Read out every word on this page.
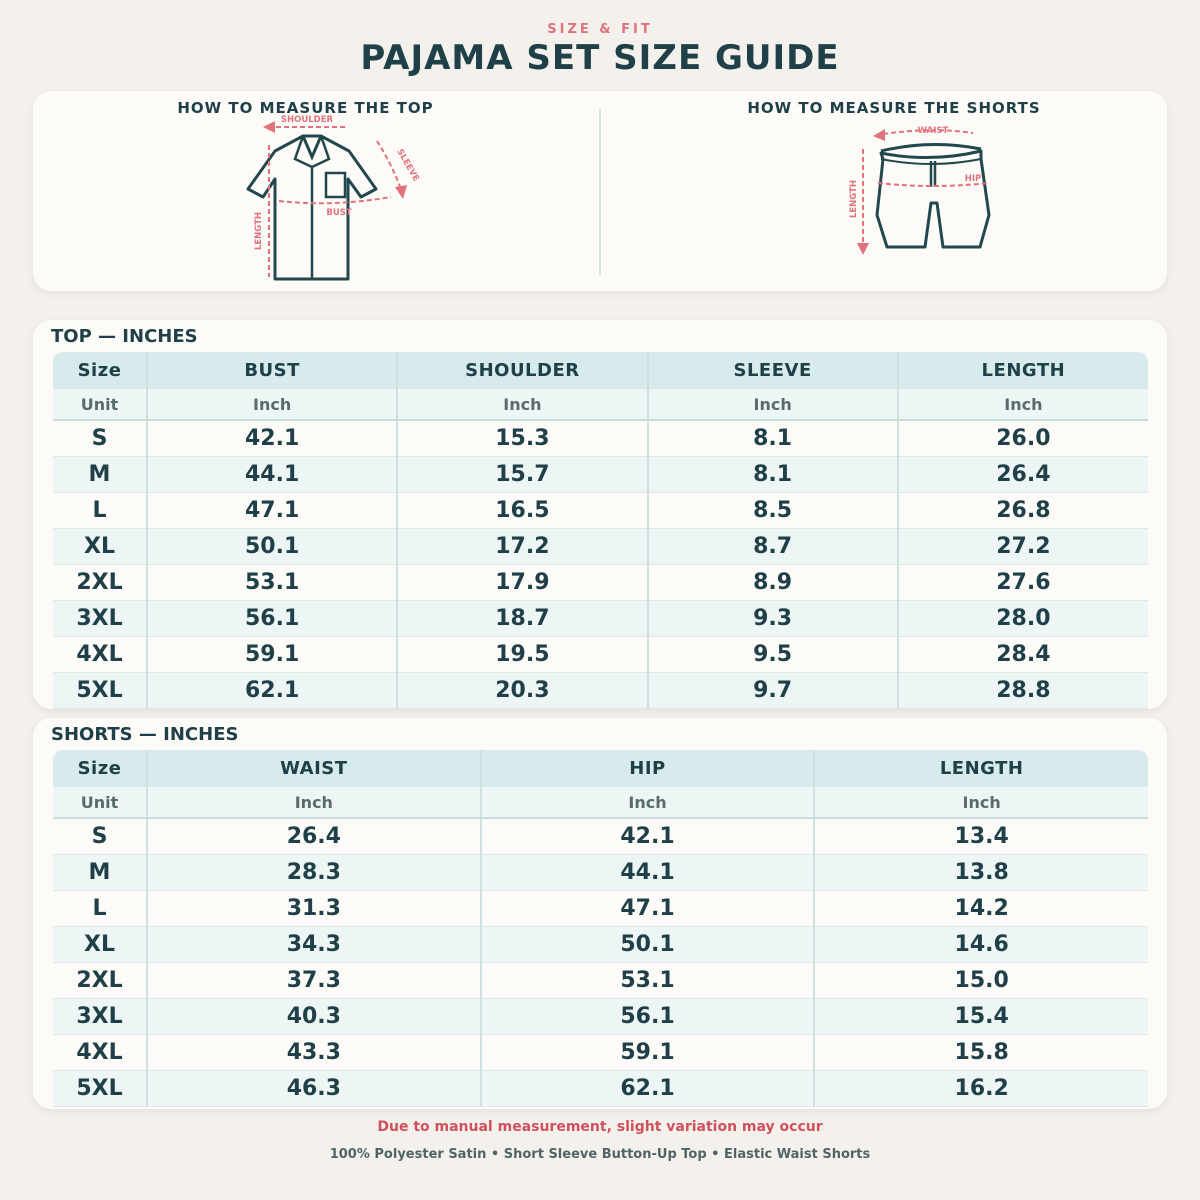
SIZE & FIT
PAJAMA SET SIZE GUIDE
HOW TO MEASURE THE TOP	HOW TO MEASURE THE SHORTS
SHOULDER
SLEEVE
BUST
LENGTH
WAIST
HIP
LENGTH
TOP — INCHES
Size	BUST	SHOULDER	SLEEVE	LENGTH
Unit	Inch	Inch	Inch	Inch
S	42.1	15.3	8.1	26.0
M	44.1	15.7	8.1	26.4
L	47.1	16.5	8.5	26.8
XL	50.1	17.2	8.7	27.2
2XL	53.1	17.9	8.9	27.6
3XL	56.1	18.7	9.3	28.0
4XL	59.1	19.5	9.5	28.4
5XL	62.1	20.3	9.7	28.8
SHORTS — INCHES
Size	WAIST	HIP	LENGTH
Unit	Inch	Inch	Inch
S	26.4	42.1	13.4
M	28.3	44.1	13.8
L	31.3	47.1	14.2
XL	34.3	50.1	14.6
2XL	37.3	53.1	15.0
3XL	40.3	56.1	15.4
4XL	43.3	59.1	15.8
5XL	46.3	62.1	16.2
Due to manual measurement, slight variation may occur
100% Polyester Satin • Short Sleeve Button-Up Top • Elastic Waist Shorts
